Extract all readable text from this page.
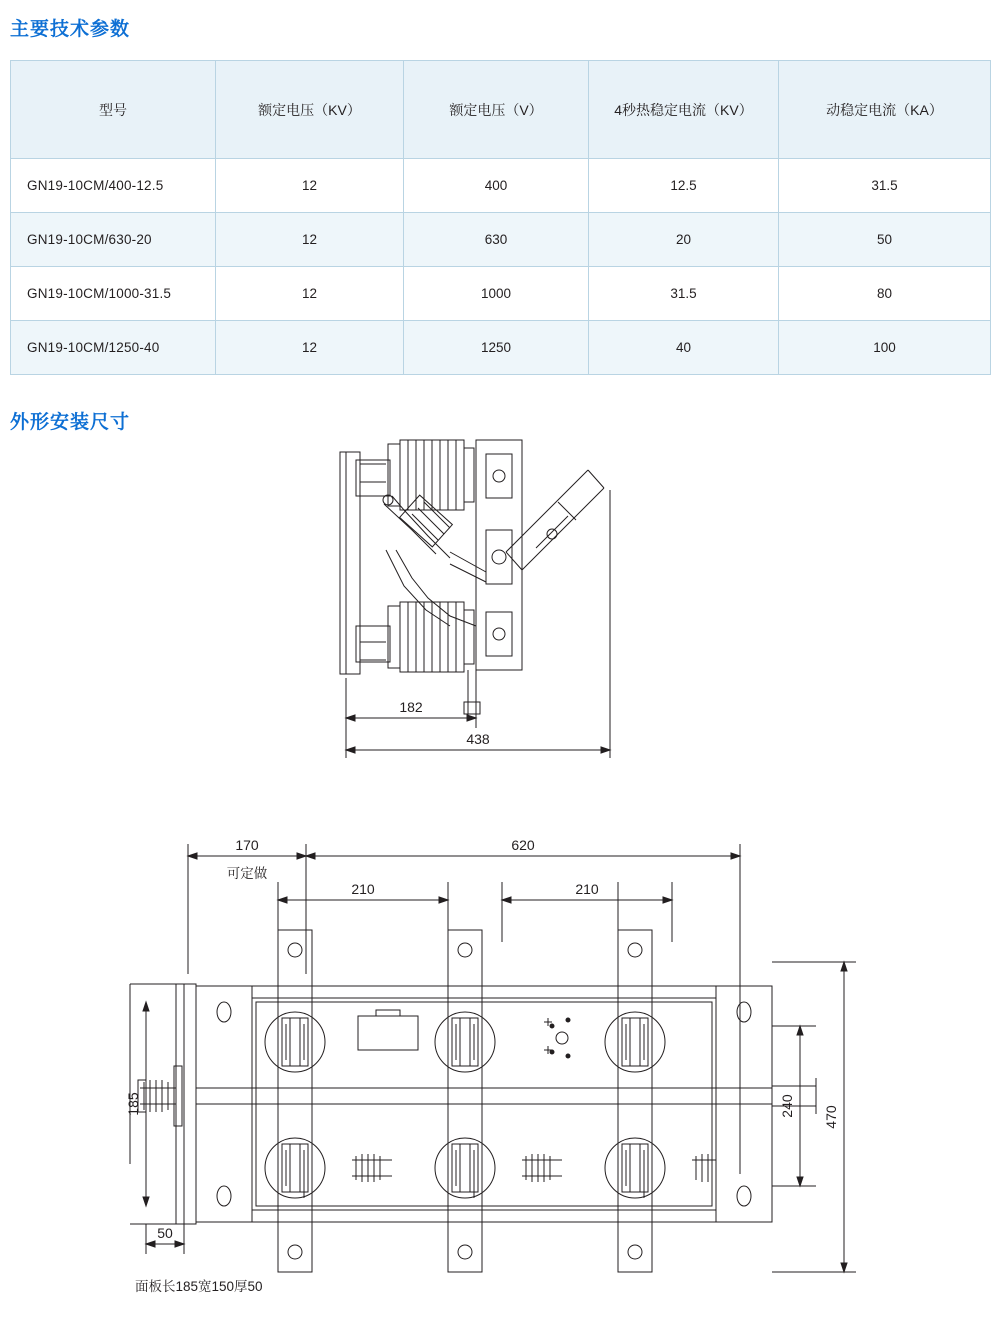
主要技术参数
型号	额定电压（KV）	额定电压（V）	4秒热稳定电流（KV）	动稳定电流（KA）
GN19-10CM/400-12.5	12	400	12.5	31.5
GN19-10CM/630-20	12	630	20	50
GN19-10CM/1000-31.5	12	1000	31.5	80
GN19-10CM/1250-40	12	1250	40	100
外形安装尺寸
182
438
170
可定做
620
210	210
185
50
240 470
面板长185宽150厚50
